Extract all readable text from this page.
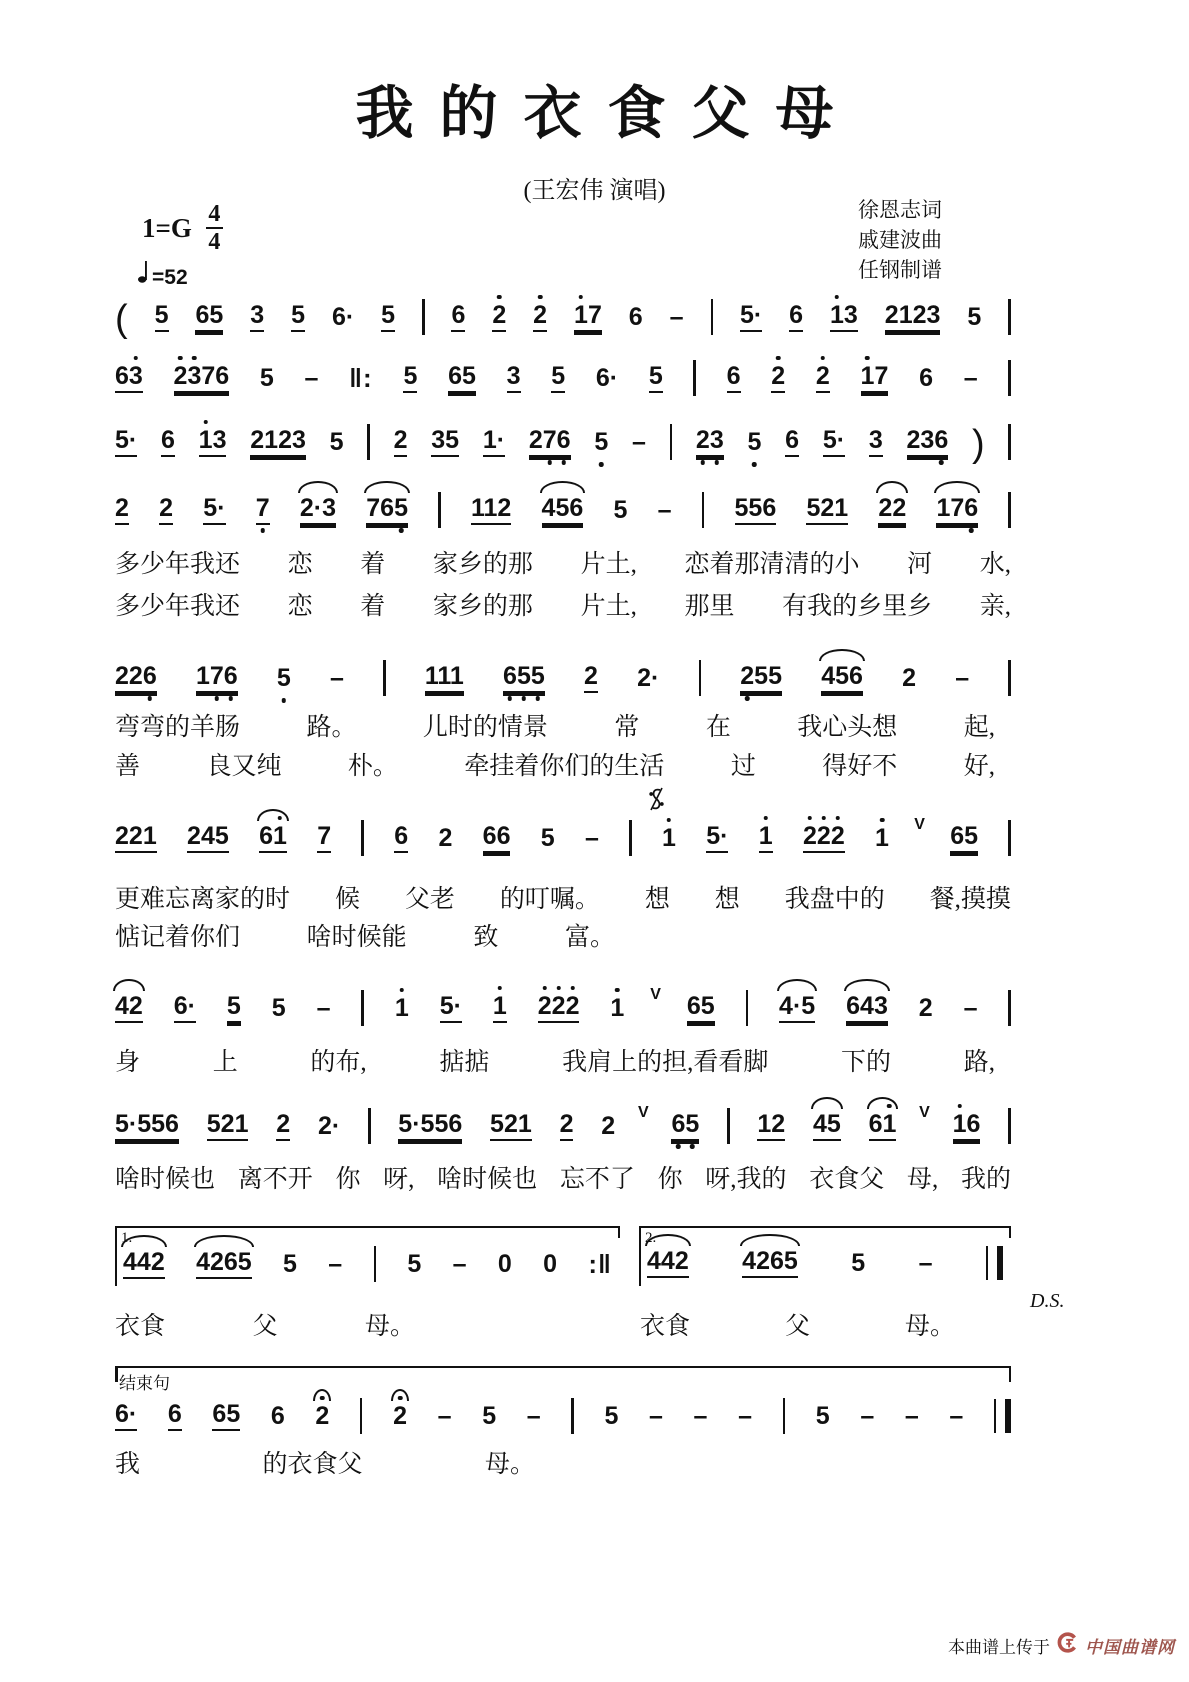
我的衣食父母
(王宏伟 演唱)
1=G 4
4
=52
徐恩志词
戚建波曲
任钢制谱
( 5 65 3 5 6· 5 6 2 2 17 6 – 5· 6 13 2123 5
63 2376 5 – ‖: 5 65 3 5 6· 5	6 2 2 17 6 –
5· 6 13 2123 5 2 35 1· 276 5 – 23 5 6 5· 3 236 )
2 2 5· 7 2·3 765	112 456 5 –	556 521 22 176
多少年我还 恋 着 家乡的那 片土, 恋着那清清的小 河 水,
多少年我还 恋 着 家乡的那 片土, 那里 有我的乡里乡 亲,
226 176 5 –	111 655 2 2·	255 456 2 –
弯弯的羊肠	路。	儿时的情景	常	在	我心头想	起,
善	良又纯	朴。	牵挂着你们的生活	过	得好不	好,
221 245 61 7	6 2 66 5 –	1 5· 1 222 1 V 65
更难忘离家的时 候 父老 的叮嘱。 想 想 我盘中的 餐,摸摸
惦记着你们	啥时候能	致	富。
42 6· 5 5 –	1 5· 1 222 1 V 65	4·5 643 2 –
身	上	的布,	掂掂	我肩上的担,看看脚	下的	路,
5·556 521 2 2· 5·556 521 2 2 V 65 12 45 61 V 16
啥时候也 离不开 你 呀, 啥时候也 忘不了 你 呀,我的 衣食父 母, 我的
1.
442 4265 5 –	5 – 0 0 :‖
2.
442 4265 5 –
衣食	父	母。	衣食	父	母。
D.S.
结束句
6· 6 65 6 2	2 – 5 –	5 – – –	5 – – –
我	的衣食父	母。
本曲谱上传于 中国曲谱网
